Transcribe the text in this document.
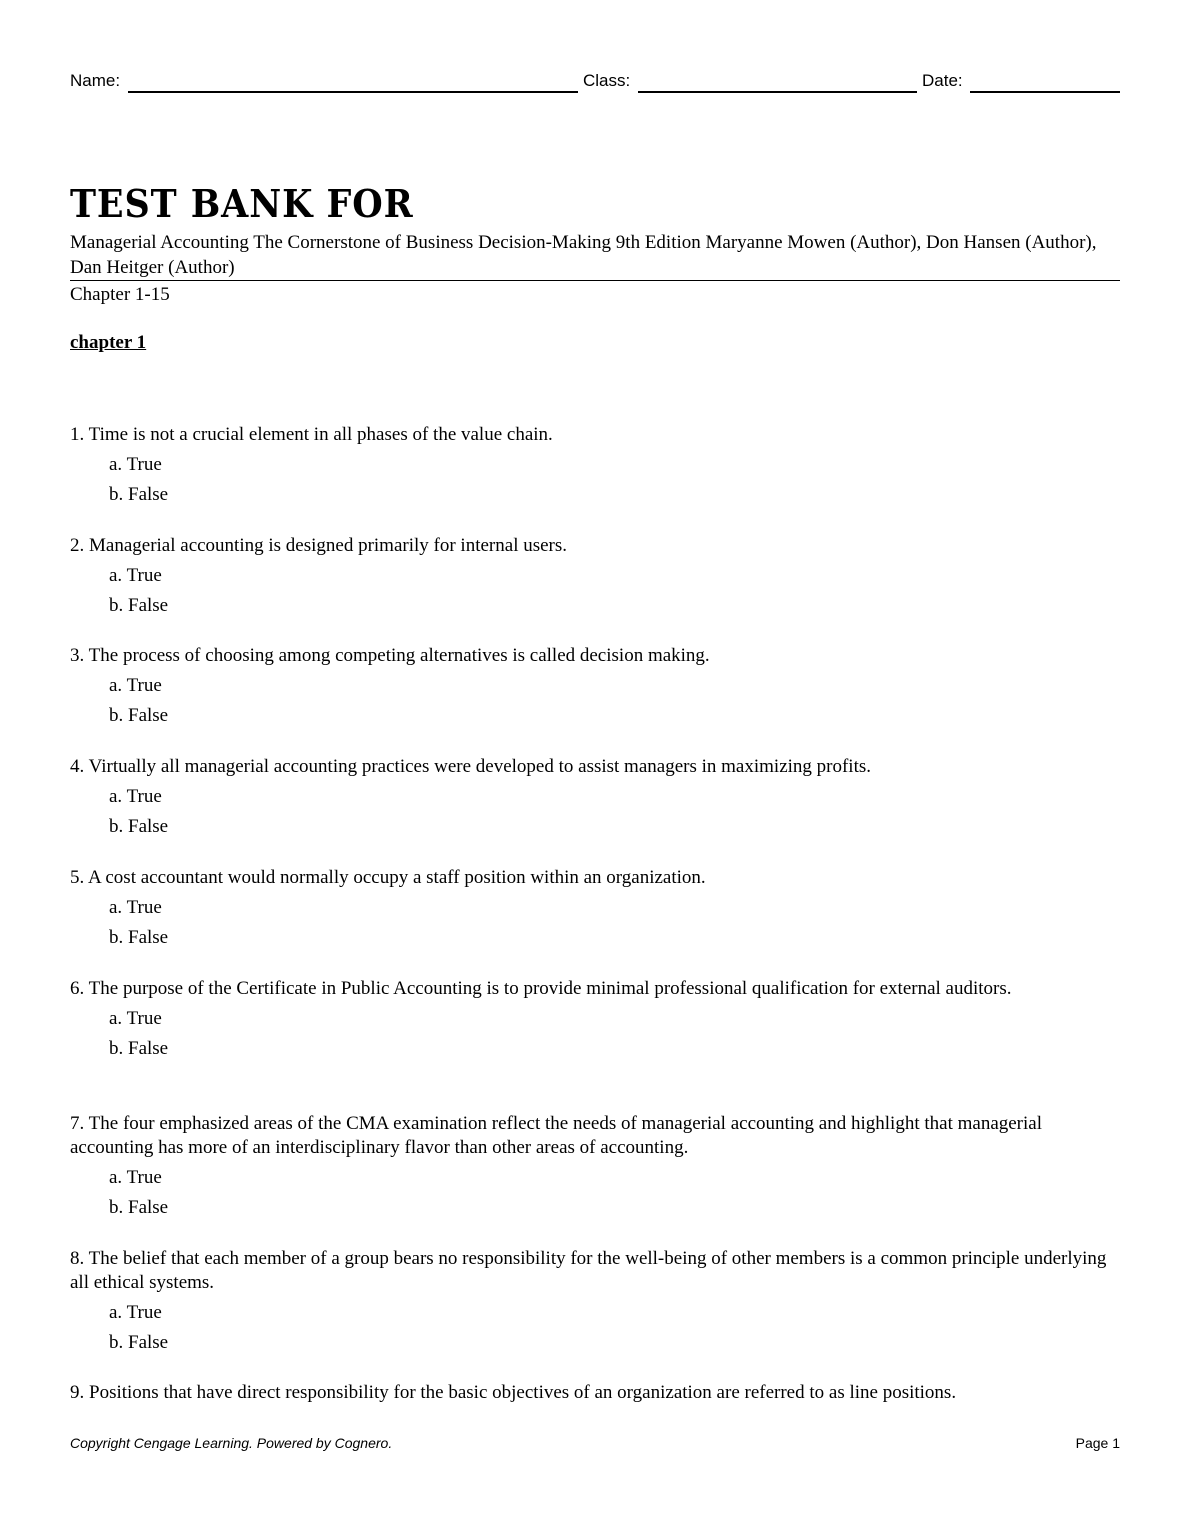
Name:	Class:	Date:
TEST BANK FOR
Managerial Accounting The Cornerstone of Business Decision-Making 9th Edition Maryanne Mowen (Author), Don Hansen (Author), Dan Heitger (Author)
Chapter 1-15
chapter 1
1. Time is not a crucial element in all phases of the value chain.
a. True
b. False
2. Managerial accounting is designed primarily for internal users.
a. True
b. False
3. The process of choosing among competing alternatives is called decision making.
a. True
b. False
4. Virtually all managerial accounting practices were developed to assist managers in maximizing profits.
a. True
b. False
5. A cost accountant would normally occupy a staff position within an organization.
a. True
b. False
6. The purpose of the Certificate in Public Accounting is to provide minimal professional qualification for external auditors.
a. True
b. False
7. The four emphasized areas of the CMA examination reflect the needs of managerial accounting and highlight that managerial accounting has more of an interdisciplinary flavor than other areas of accounting.
a. True
b. False
8. The belief that each member of a group bears no responsibility for the well-being of other members is a common principle underlying all ethical systems.
a. True
b. False
9. Positions that have direct responsibility for the basic objectives of an organization are referred to as line positions.
Copyright Cengage Learning. Powered by Cognero.	Page 1
